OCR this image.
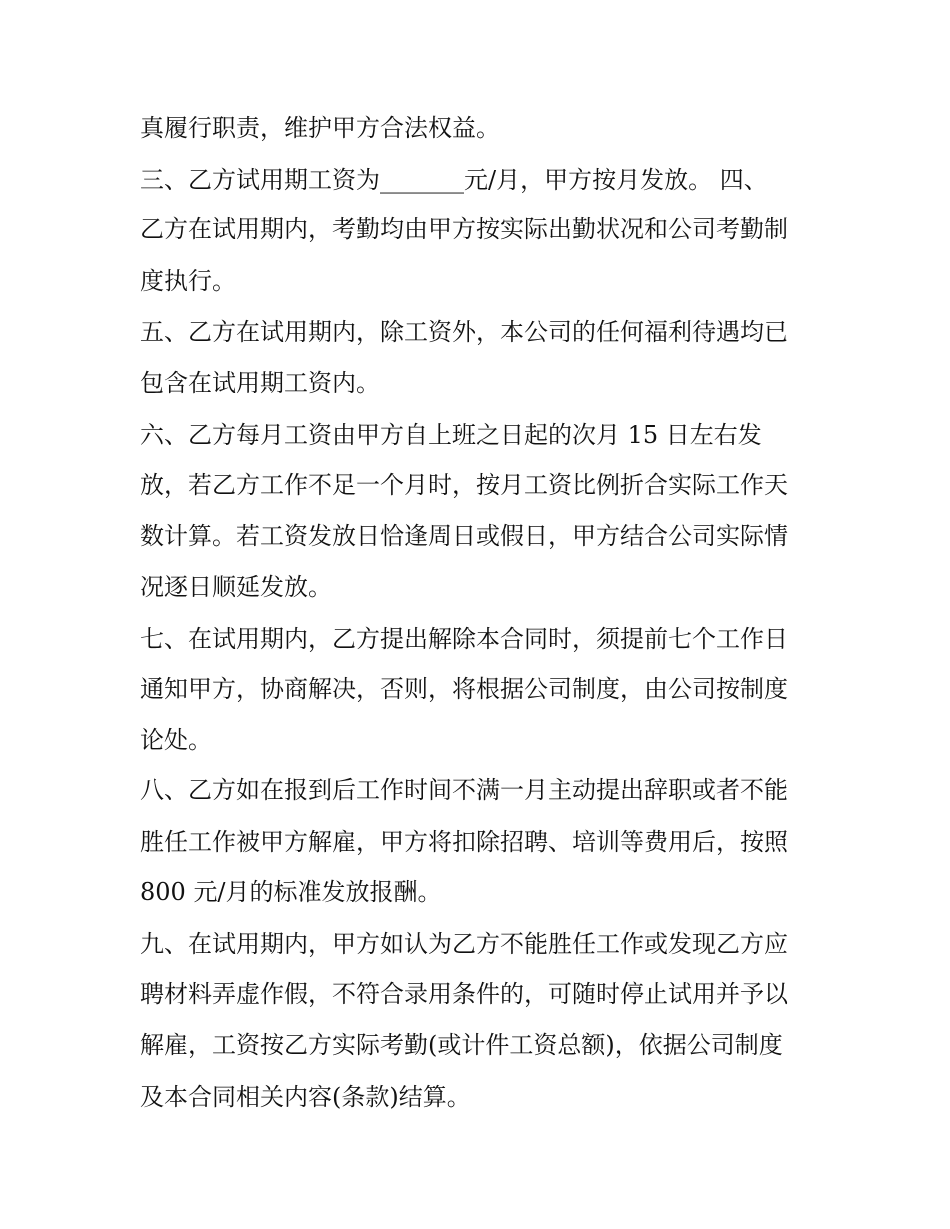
真履行职责，维护甲方合法权益。
三、乙方试用期工资为_______元/月，甲方按月发放。 四、
乙方在试用期内，考勤均由甲方按实际出勤状况和公司考勤制
度执行。
五、乙方在试用期内，除工资外，本公司的任何福利待遇均已
包含在试用期工资内。
六、乙方每月工资由甲方自上班之日起的次月 15 日左右发
放，若乙方工作不足一个月时，按月工资比例折合实际工作天
数计算。若工资发放日恰逢周日或假日，甲方结合公司实际情
况逐日顺延发放。
七、在试用期内，乙方提出解除本合同时，须提前七个工作日
通知甲方，协商解决，否则，将根据公司制度，由公司按制度
论处。
八、乙方如在报到后工作时间不满一月主动提出辞职或者不能
胜任工作被甲方解雇，甲方将扣除招聘、培训等费用后，按照
800 元/月的标准发放报酬。
九、在试用期内，甲方如认为乙方不能胜任工作或发现乙方应
聘材料弄虚作假，不符合录用条件的，可随时停止试用并予以
解雇，工资按乙方实际考勤(或计件工资总额)，依据公司制度
及本合同相关内容(条款)结算。
